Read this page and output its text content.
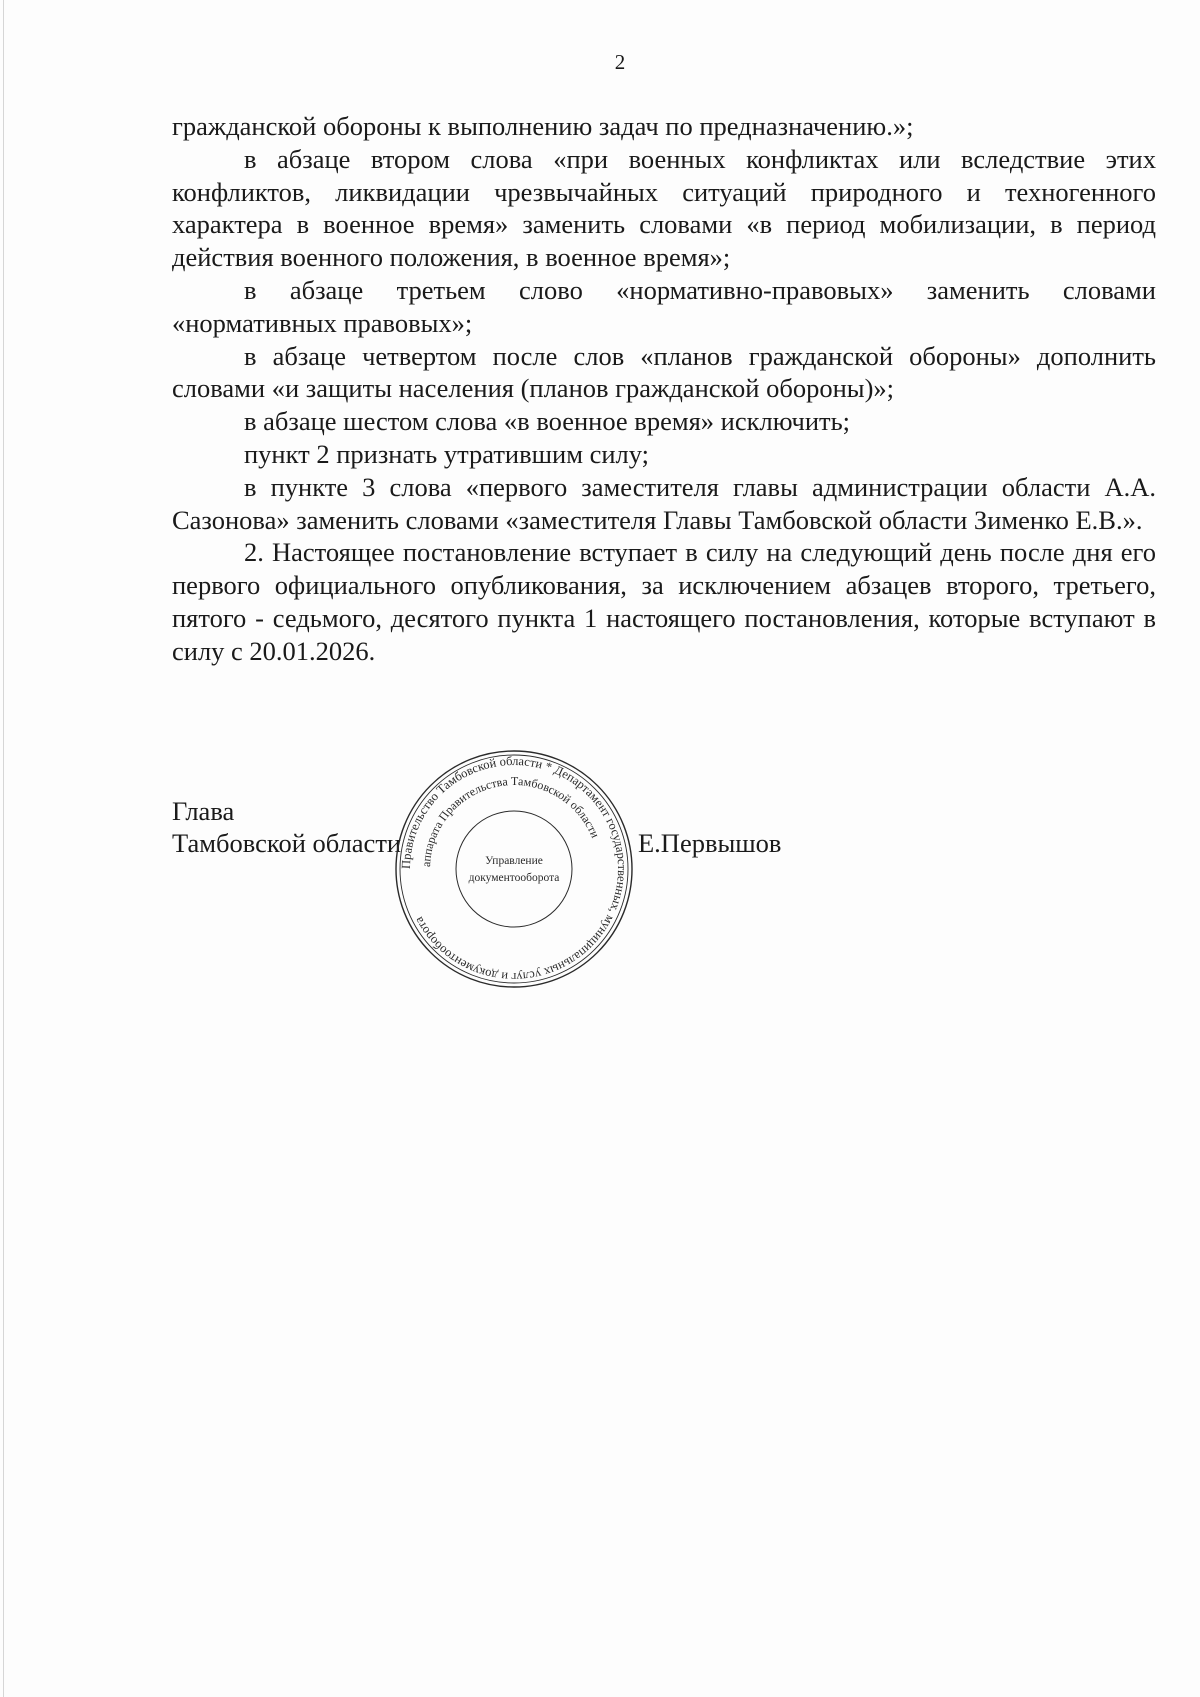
2

гражданской обороны к выполнению задач по предназначению.»;

в абзаце втором слова «при военных конфликтах или вследствие этих конфликтов, ликвидации чрезвычайных ситуаций природного и техногенного характера в военное время» заменить словами «в период мобилизации, в период действия военного положения, в военное время»;

в абзаце третьем слово «нормативно-правовых» заменить словами «нормативных правовых»;

в абзаце четвертом после слов «планов гражданской обороны» дополнить словами «и защиты населения (планов гражданской обороны)»;

в абзаце шестом слова «в военное время» исключить;

пункт 2 признать утратившим силу;

в пункте 3 слова «первого заместителя главы администрации области А.А. Сазонова» заменить словами «заместителя Главы Тамбовской области Зименко Е.В.».

2. Настоящее постановление вступает в силу на следующий день после дня его первого официального опубликования, за исключением абзацев второго, третьего, пятого - седьмого, десятого пункта 1 настоящего постановления, которые вступают в силу с 20.01.2026.

Глава
Тамбовской области	Е.Первышов
Правительство Тамбовской области * Департамент государственных, муниципальных услуг и документооборота
аппарата Правительства Тамбовской области
Управление
документооборота
